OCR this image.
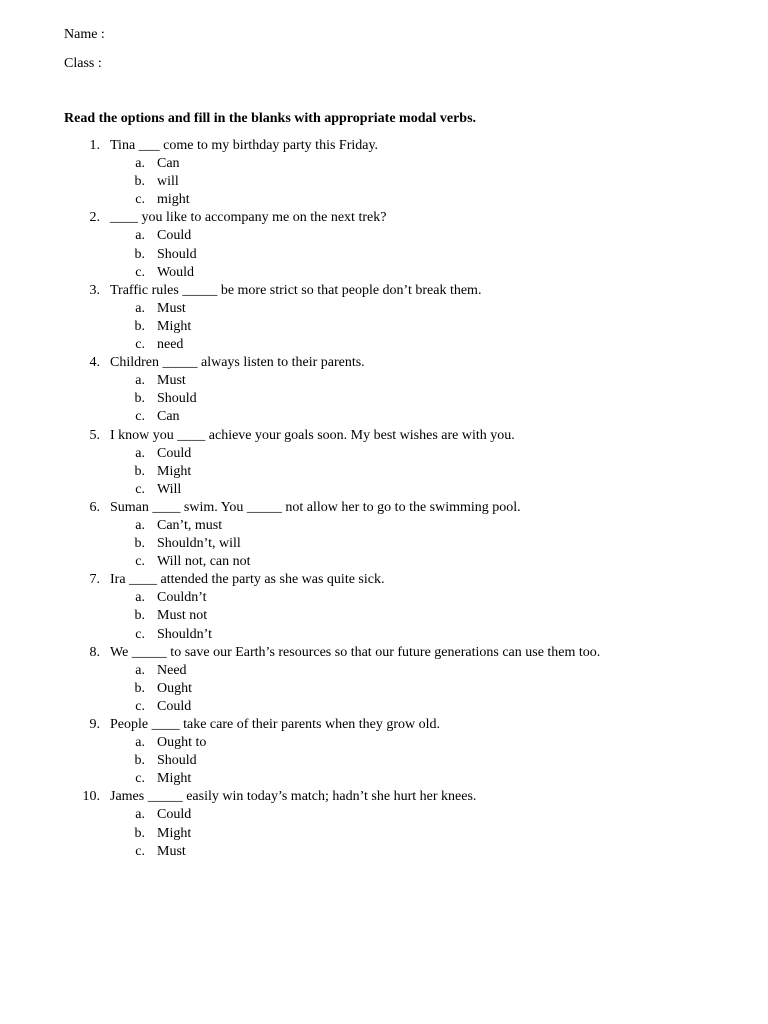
Name :
Class :
Read the options and fill in the blanks with appropriate modal verbs.
1. Tina ___ come to my birthday party this Friday.
a. Can
b. will
c. might
2. ____ you like to accompany me on the next trek?
a. Could
b. Should
c. Would
3. Traffic rules _____ be more strict so that people don’t break them.
a. Must
b. Might
c. need
4. Children _____ always listen to their parents.
a. Must
b. Should
c. Can
5. I know you ____ achieve your goals soon. My best wishes are with you.
a. Could
b. Might
c. Will
6. Suman ____ swim. You _____ not allow her to go to the swimming pool.
a. Can’t, must
b. Shouldn’t, will
c. Will not, can not
7. Ira ____ attended the party as she was quite sick.
a. Couldn’t
b. Must not
c. Shouldn’t
8. We _____ to save our Earth’s resources so that our future generations can use them too.
a. Need
b. Ought
c. Could
9. People ____ take care of their parents when they grow old.
a. Ought to
b. Should
c. Might
10. James _____ easily win today’s match; hadn’t she hurt her knees.
a. Could
b. Might
c. Must
